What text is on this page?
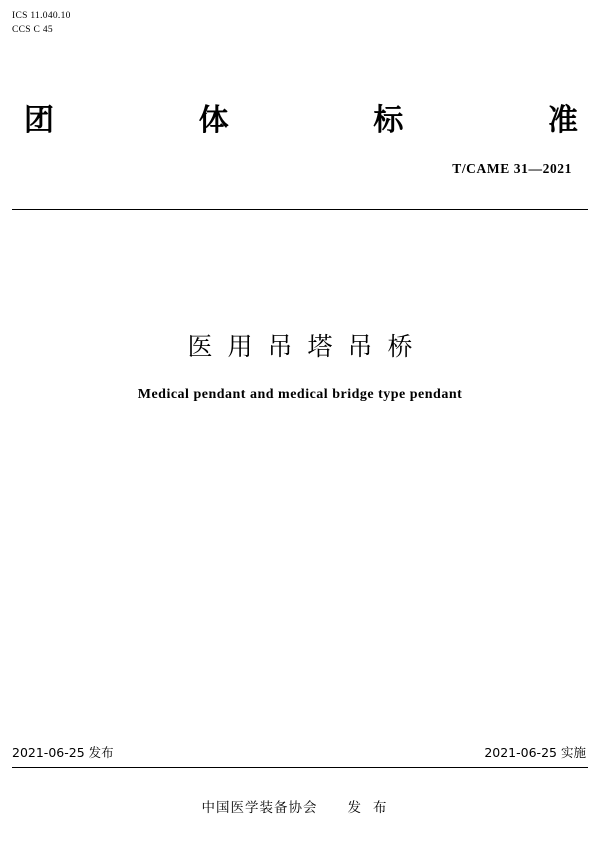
ICS 11.040.10
CCS C 45
团	体	标	准
T/CAME 31—2021
医用吊塔吊桥
Medical pendant and medical bridge type pendant
2021-06-25 发布	2021-06-25 实施
中国医学装备协会 发布
